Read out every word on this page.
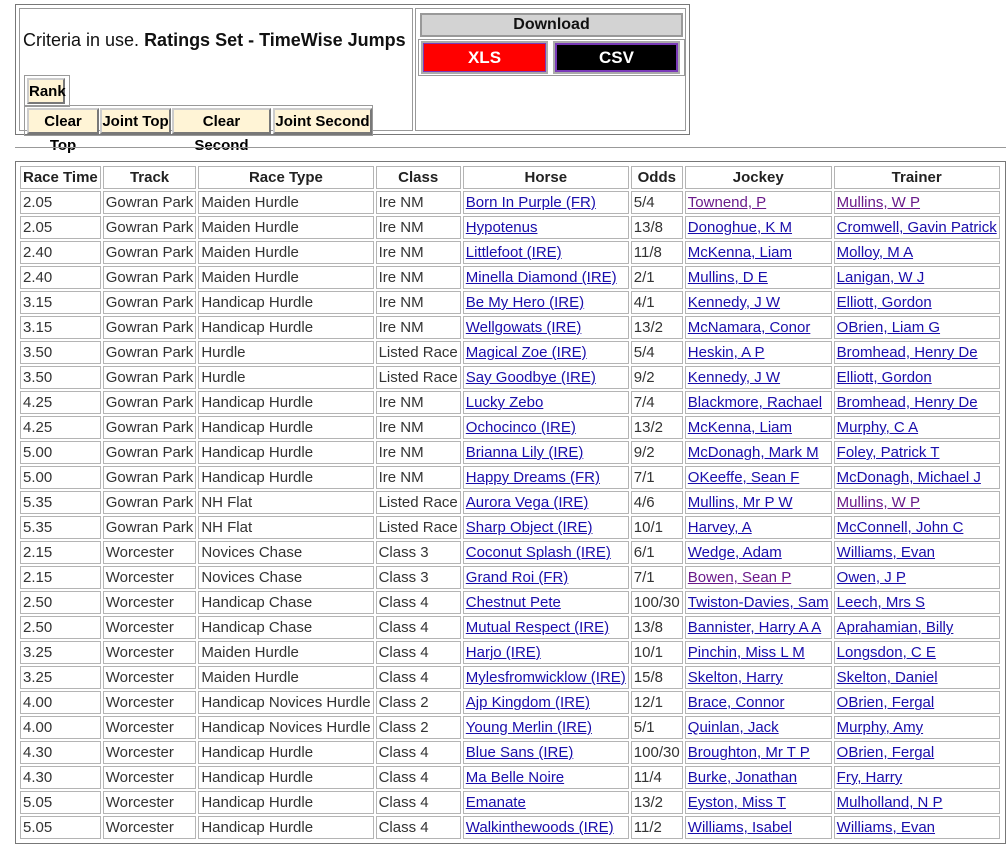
Criteria in use. Ratings Set - TimeWise Jumps
Rank
Clear Top
Joint Top	Clear Second
Joint Second
Download
XLS	CSV
Race Time	Track	Race Type	Class	Horse	Odds	Jockey	Trainer
2.05	Gowran Park	Maiden Hurdle	Ire NM	Born In Purple (FR)	5/4	Townend, P	Mullins, W P
2.05	Gowran Park	Maiden Hurdle	Ire NM	Hypotenus	13/8	Donoghue, K M	Cromwell, Gavin Patrick
2.40	Gowran Park	Maiden Hurdle	Ire NM	Littlefoot (IRE)	11/8	McKenna, Liam	Molloy, M A
2.40	Gowran Park	Maiden Hurdle	Ire NM	Minella Diamond (IRE)	2/1	Mullins, D E	Lanigan, W J
3.15	Gowran Park	Handicap Hurdle	Ire NM	Be My Hero (IRE)	4/1	Kennedy, J W	Elliott, Gordon
3.15	Gowran Park	Handicap Hurdle	Ire NM	Wellgowats (IRE)	13/2	McNamara, Conor	OBrien, Liam G
3.50	Gowran Park	Hurdle	Listed Race	Magical Zoe (IRE)	5/4	Heskin, A P	Bromhead, Henry De
3.50	Gowran Park	Hurdle	Listed Race	Say Goodbye (IRE)	9/2	Kennedy, J W	Elliott, Gordon
4.25	Gowran Park	Handicap Hurdle	Ire NM	Lucky Zebo	7/4	Blackmore, Rachael	Bromhead, Henry De
4.25	Gowran Park	Handicap Hurdle	Ire NM	Ochocinco (IRE)	13/2	McKenna, Liam	Murphy, C A
5.00	Gowran Park	Handicap Hurdle	Ire NM	Brianna Lily (IRE)	9/2	McDonagh, Mark M	Foley, Patrick T
5.00	Gowran Park	Handicap Hurdle	Ire NM	Happy Dreams (FR)	7/1	OKeeffe, Sean F	McDonagh, Michael J
5.35	Gowran Park	NH Flat	Listed Race	Aurora Vega (IRE)	4/6	Mullins, Mr P W	Mullins, W P
5.35	Gowran Park	NH Flat	Listed Race	Sharp Object (IRE)	10/1	Harvey, A	McConnell, John C
2.15	Worcester	Novices Chase	Class 3	Coconut Splash (IRE)	6/1	Wedge, Adam	Williams, Evan
2.15	Worcester	Novices Chase	Class 3	Grand Roi (FR)	7/1	Bowen, Sean P	Owen, J P
2.50	Worcester	Handicap Chase	Class 4	Chestnut Pete	100/30	Twiston-Davies, Sam	Leech, Mrs S
2.50	Worcester	Handicap Chase	Class 4	Mutual Respect (IRE)	13/8	Bannister, Harry A A	Aprahamian, Billy
3.25	Worcester	Maiden Hurdle	Class 4	Harjo (IRE)	10/1	Pinchin, Miss L M	Longsdon, C E
3.25	Worcester	Maiden Hurdle	Class 4	Mylesfromwicklow (IRE)	15/8	Skelton, Harry	Skelton, Daniel
4.00	Worcester	Handicap Novices Hurdle	Class 2	Ajp Kingdom (IRE)	12/1	Brace, Connor	OBrien, Fergal
4.00	Worcester	Handicap Novices Hurdle	Class 2	Young Merlin (IRE)	5/1	Quinlan, Jack	Murphy, Amy
4.30	Worcester	Handicap Hurdle	Class 4	Blue Sans (IRE)	100/30	Broughton, Mr T P	OBrien, Fergal
4.30	Worcester	Handicap Hurdle	Class 4	Ma Belle Noire	11/4	Burke, Jonathan	Fry, Harry
5.05	Worcester	Handicap Hurdle	Class 4	Emanate	13/2	Eyston, Miss T	Mulholland, N P
5.05	Worcester	Handicap Hurdle	Class 4	Walkinthewoods (IRE)	11/2	Williams, Isabel	Williams, Evan
